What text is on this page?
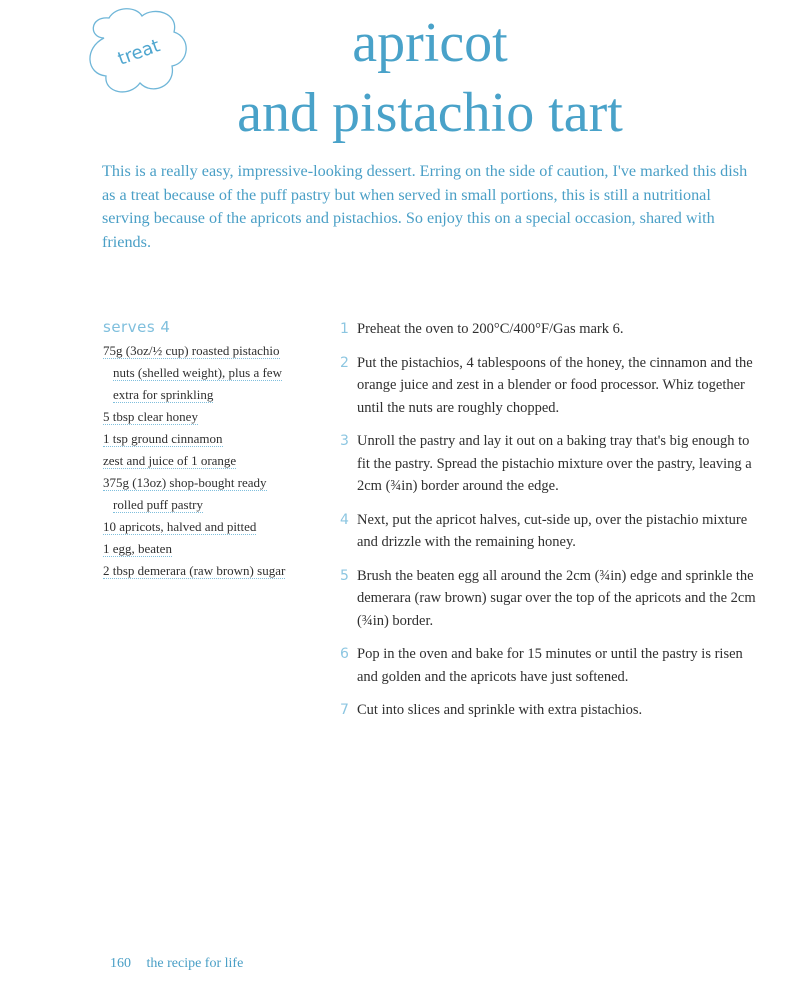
treat	apricot
and pistachio tart
This is a really easy, impressive-looking dessert. Erring on the side of caution, I've marked this dish as a treat because of the puff pastry but when served in small portions, this is still a nutritional serving because of the apricots and pistachios. So enjoy this on a special occasion, shared with friends.
serves 4
75g (3oz/½ cup) roasted pistachio nuts (shelled weight), plus a few extra for sprinkling
5 tbsp clear honey
1 tsp ground cinnamon
zest and juice of 1 orange
375g (13oz) shop-bought ready rolled puff pastry
10 apricots, halved and pitted
1 egg, beaten
2 tbsp demerara (raw brown) sugar
1 Preheat the oven to 200°C/400°F/Gas mark 6.
2 Put the pistachios, 4 tablespoons of the honey, the cinnamon and the orange juice and zest in a blender or food processor. Whiz together until the nuts are roughly chopped.
3 Unroll the pastry and lay it out on a baking tray that's big enough to fit the pastry. Spread the pistachio mixture over the pastry, leaving a 2cm (¾in) border around the edge.
4 Next, put the apricot halves, cut-side up, over the pistachio mixture and drizzle with the remaining honey.
5 Brush the beaten egg all around the 2cm (¾in) edge and sprinkle the demerara (raw brown) sugar over the top of the apricots and the 2cm (¾in) border.
6 Pop in the oven and bake for 15 minutes or until the pastry is risen and golden and the apricots have just softened.
7 Cut into slices and sprinkle with extra pistachios.
160 the recipe for life
